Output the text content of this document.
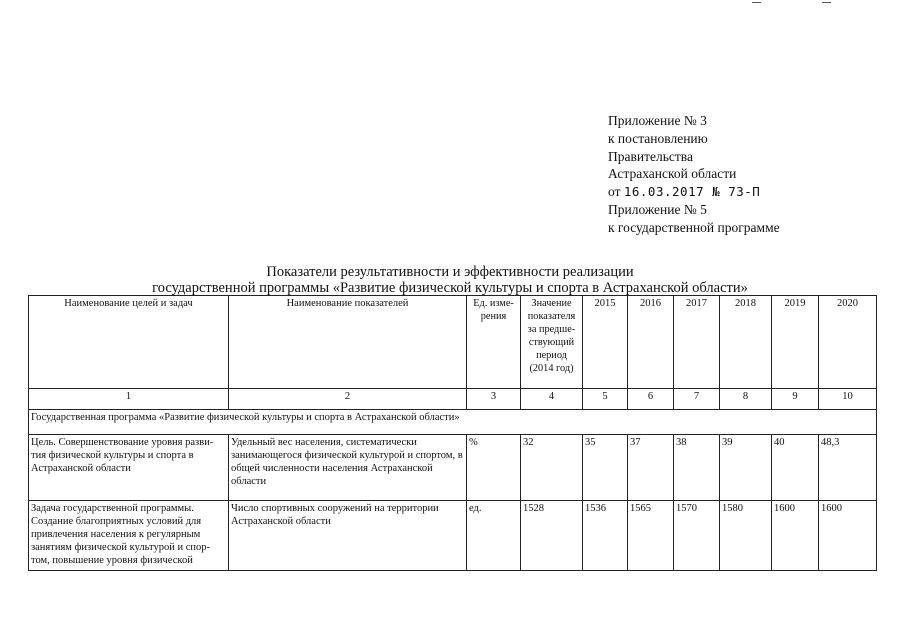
Приложение № 3
к постановлению
Правительства
Астраханской области
от 16.03.2017 № 73-П
Приложение № 5
к государственной программе
Показатели результативности и эффективности реализации
государственной программы «Развитие физической культуры и спорта в Астраханской области»
Наименование целей и задач	Наименование показателей	Ед. изме-рения	Значение показателя за предше-ствующий период (2014 год)	2015	2016	2017	2018	2019	2020
1	2	3	4	5	6	7	8	9	10
Государственная программа «Развитие физической культуры и спорта в Астраханской области»									
Цель. Совершенствование уровня разви-тия физической культуры и спорта в Астраханской области	Удельный вес населения, систематически занимающегося физической культурой и спортом, в общей численности населения Астраханской области	%	32	35	37	38	39	40	48,3
Задача государственной программы. Создание благоприятных условий для привлечения населения к регулярным занятиям физической культурой и спор-том, повышение уровня физической	Число спортивных сооружений на территории Астраханской области	ед.	1528	1536	1565	1570	1580	1600	1600
